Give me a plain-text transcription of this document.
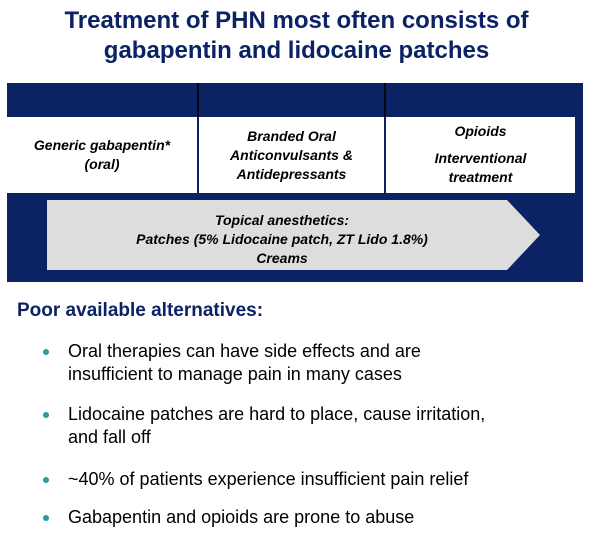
Treatment of PHN most often consists of
gabapentin and lidocaine patches
Generic gabapentin*
(oral)
Branded Oral
Anticonvulsants &
Antidepressants
Opioids
Interventional
treatment
Topical anesthetics:
Patches (5% Lidocaine patch, ZT Lido 1.8%)
Creams
Poor available alternatives:
Oral therapies can have side effects and are
insufficient to manage pain in many cases
Lidocaine patches are hard to place, cause irritation,
and fall off
~40% of patients experience insufficient pain relief
Gabapentin and opioids are prone to abuse
